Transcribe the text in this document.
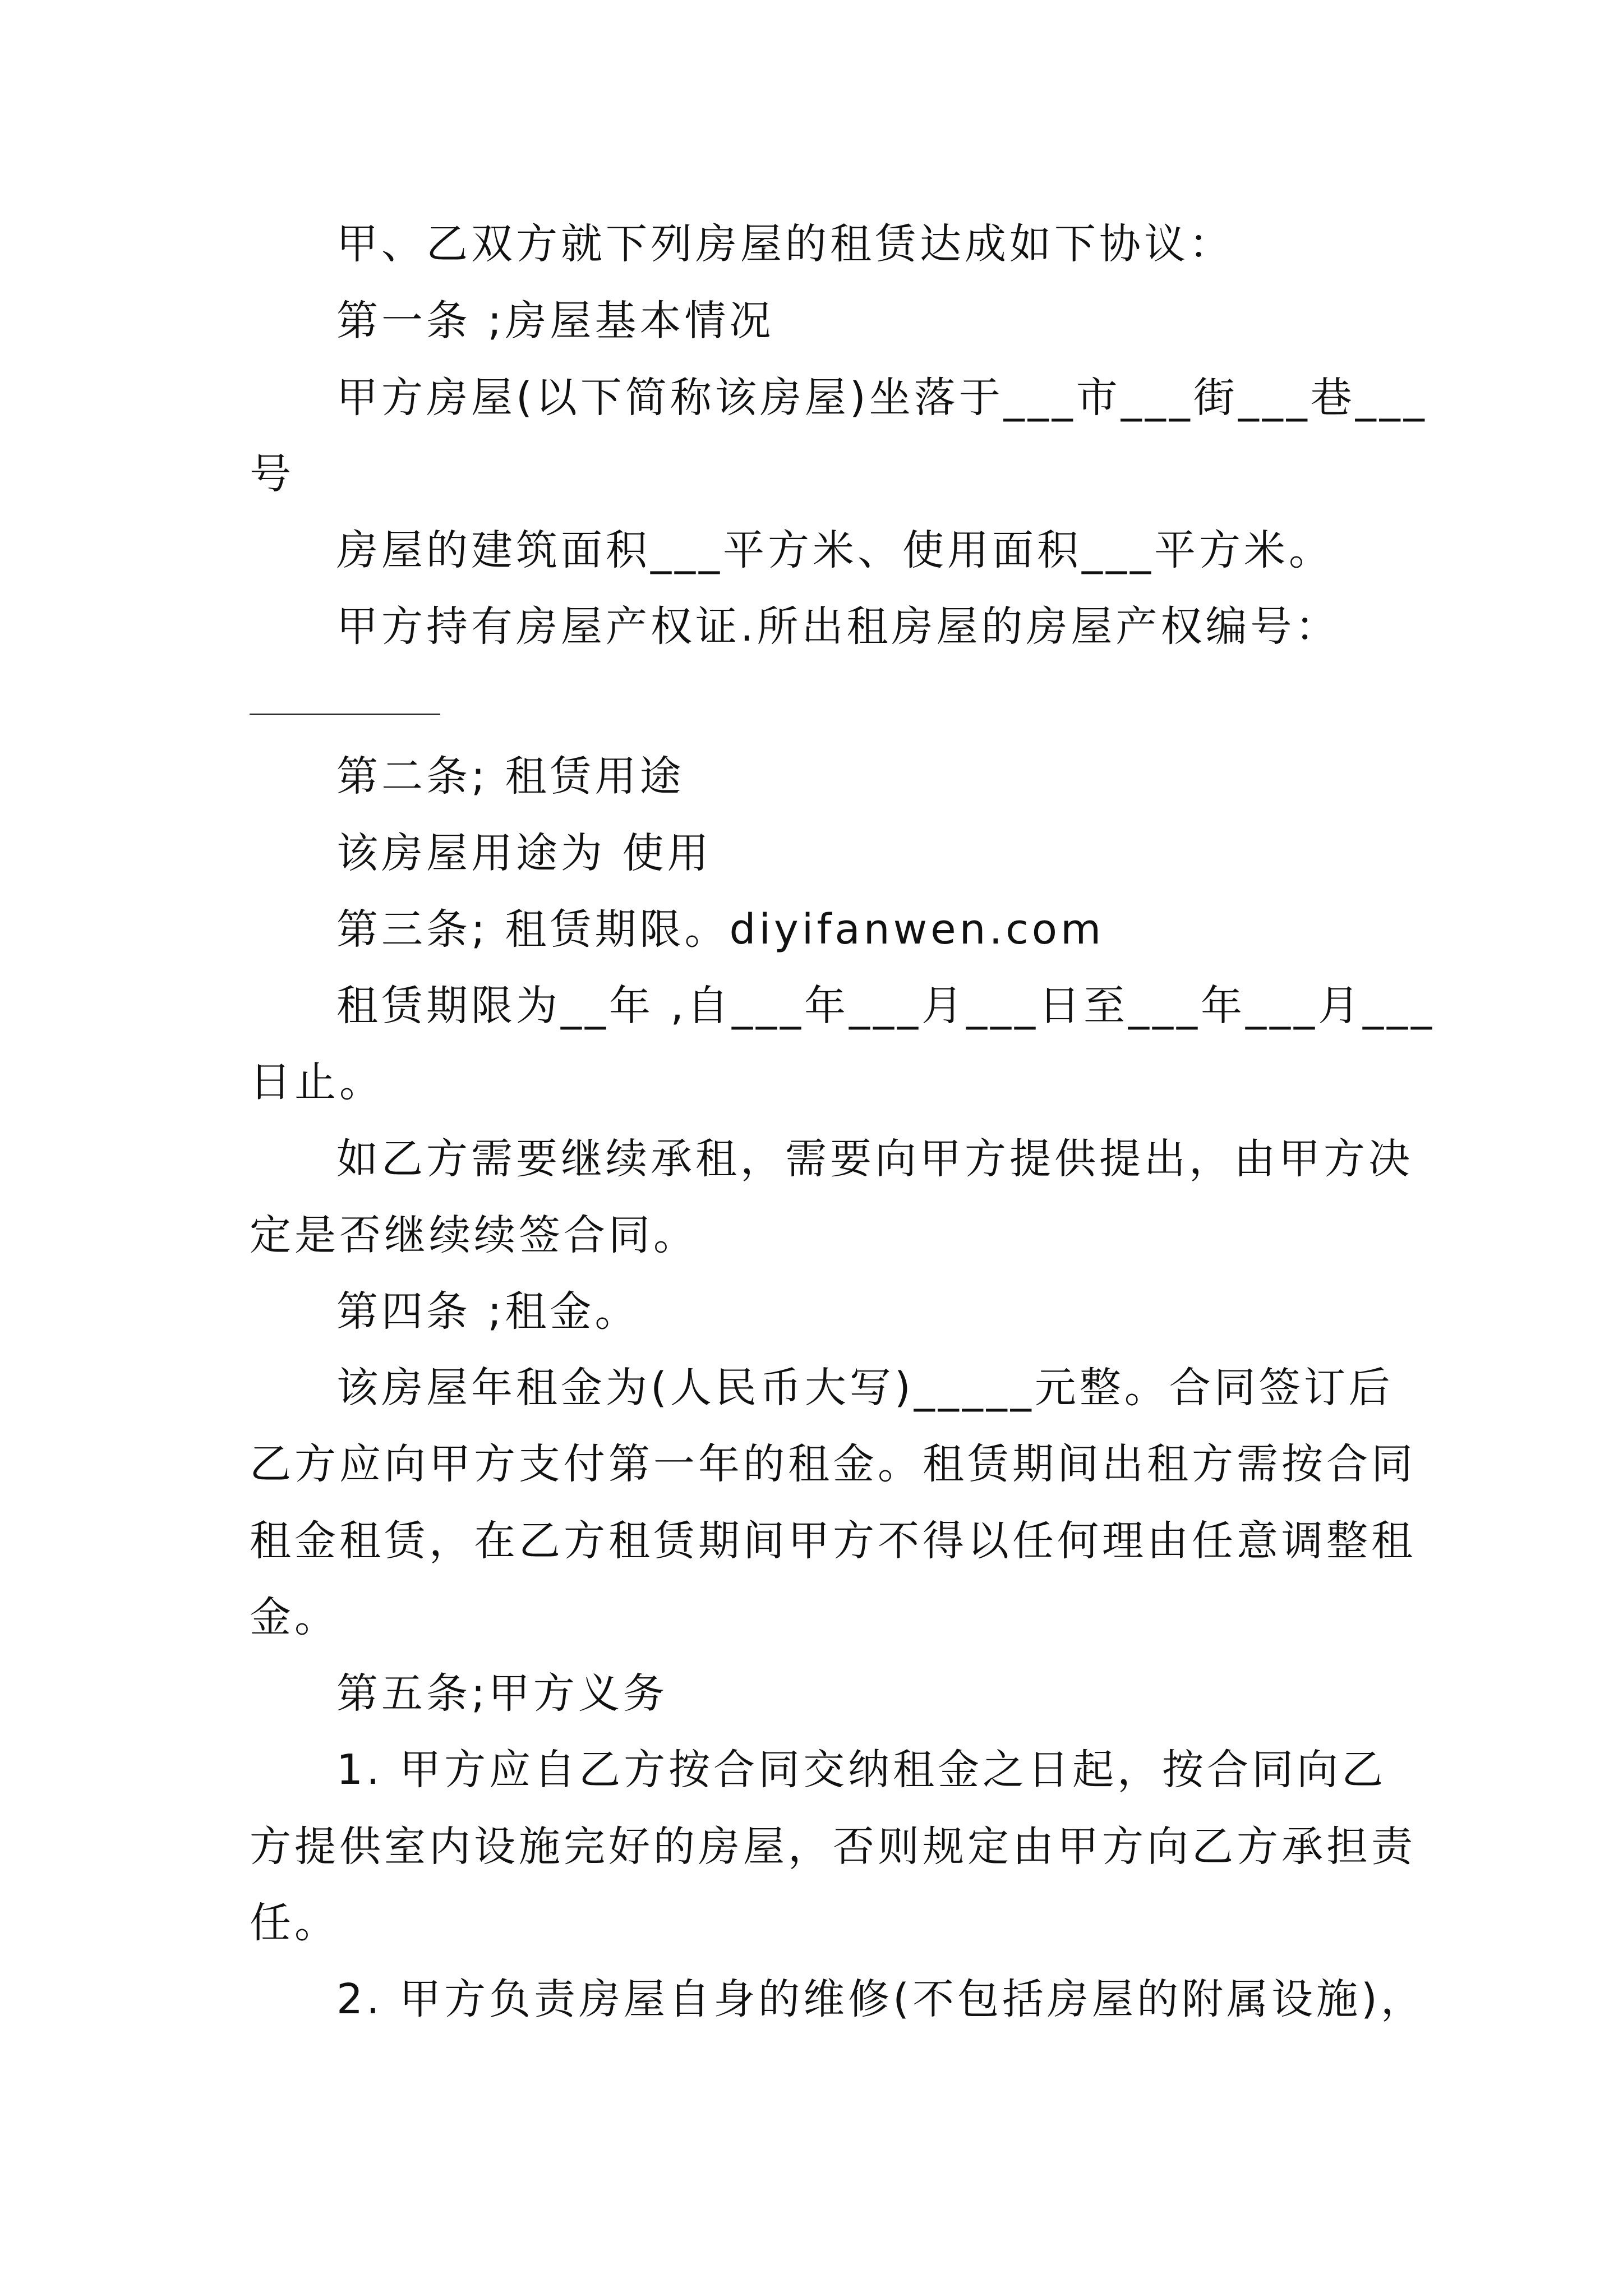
甲、乙双方就下列房屋的租赁达成如下协议：

第一条 ;房屋基本情况

甲方房屋(以下简称该房屋)坐落于___市___街___巷___

号

房屋的建筑面积___平方米、使用面积___平方米。

甲方持有房屋产权证.所出租房屋的房屋产权编号：

第二条; 租赁用途

该房屋用途为 使用

第三条; 租赁期限。diyifanwen.com

租赁期限为__年 ,自___年___月___日至___年___月___

日止。

如乙方需要继续承租，需要向甲方提供提出，由甲方决

定是否继续续签合同。

第四条 ;租金。

该房屋年租金为(人民币大写)_____元整。合同签订后

乙方应向甲方支付第一年的租金。租赁期间出租方需按合同

租金租赁，在乙方租赁期间甲方不得以任何理由任意调整租

金。

第五条;甲方义务

1. 甲方应自乙方按合同交纳租金之日起，按合同向乙

方提供室内设施完好的房屋，否则规定由甲方向乙方承担责

任。

2. 甲方负责房屋自身的维修(不包括房屋的附属设施)，
